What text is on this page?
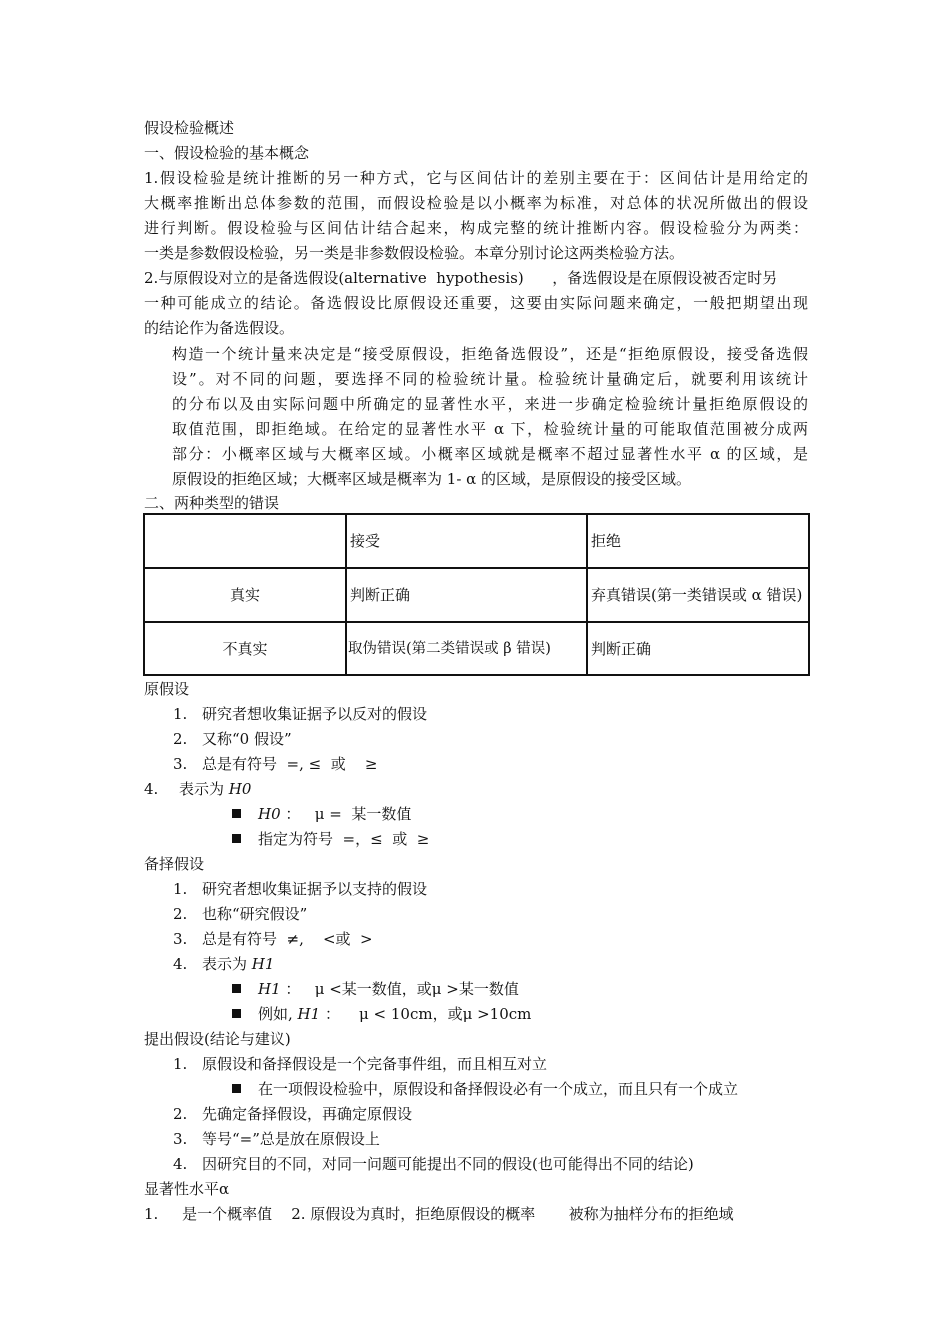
假设检验概述
一、假设检验的基本概念
1.假设检验是统计推断的另一种方式，它与区间估计的差别主要在于：区间估计是用给定的
大概率推断出总体参数的范围，而假设检验是以小概率为标准，对总体的状况所做出的假设
进行判断。假设检验与区间估计结合起来，构成完整的统计推断内容。假设检验分为两类：
一类是参数假设检验，另一类是非参数假设检验。本章分别讨论这两类检验方法。
2.与原假设对立的是备选假设(alternative  hypothesis)      ，备选假设是在原假设被否定时另
一种可能成立的结论。备选假设比原假设还重要，这要由实际问题来确定，一般把期望出现
的结论作为备选假设。
构造一个统计量来决定是“接受原假设，拒绝备选假设”，还是“拒绝原假设，接受备选假
设”。对不同的问题，要选择不同的检验统计量。检验统计量确定后，就要利用该统计
的分布以及由实际问题中所确定的显著性水平，来进一步确定检验统计量拒绝原假设的
取值范围，即拒绝域。在给定的显著性水平 α 下，检验统计量的可能取值范围被分成两
部分：小概率区域与大概率区域。小概率区域就是概率不超过显著性水平 α 的区域，是
原假设的拒绝区域；大概率区域是概率为 1- α 的区域，是原假设的接受区域。
二、两种类型的错误
	接受	拒绝
真实	判断正确	弃真错误(第一类错误或 α 错误)
不真实	取伪错误(第二类错误或 β 错误)	判断正确
原假设
1. 研究者想收集证据予以反对的假设
2. 又称“0 假设”
3. 总是有符号  =, ≤  或    ≥
4. 表示为 H0
H0 ：   μ =  某一数值
指定为符号  =，≤  或  ≥
备择假设
1. 研究者想收集证据予以支持的假设
2. 也称“研究假设”
3. 总是有符号  ≠,    <或  >
4. 表示为 H1
H1 ：   μ <某一数值，或μ >某一数值
例如, H1 ：    μ < 10cm，或μ >10cm
提出假设(结论与建议)
1. 原假设和备择假设是一个完备事件组，而且相互对立
在一项假设检验中，原假设和备择假设必有一个成立，而且只有一个成立
2. 先确定备择假设，再确定原假设
3. 等号“=”总是放在原假设上
4. 因研究目的不同，对同一问题可能提出不同的假设(也可能得出不同的结论)
显著性水平α
1.     是一个概率值    2. 原假设为真时，拒绝原假设的概率       被称为抽样分布的拒绝域
